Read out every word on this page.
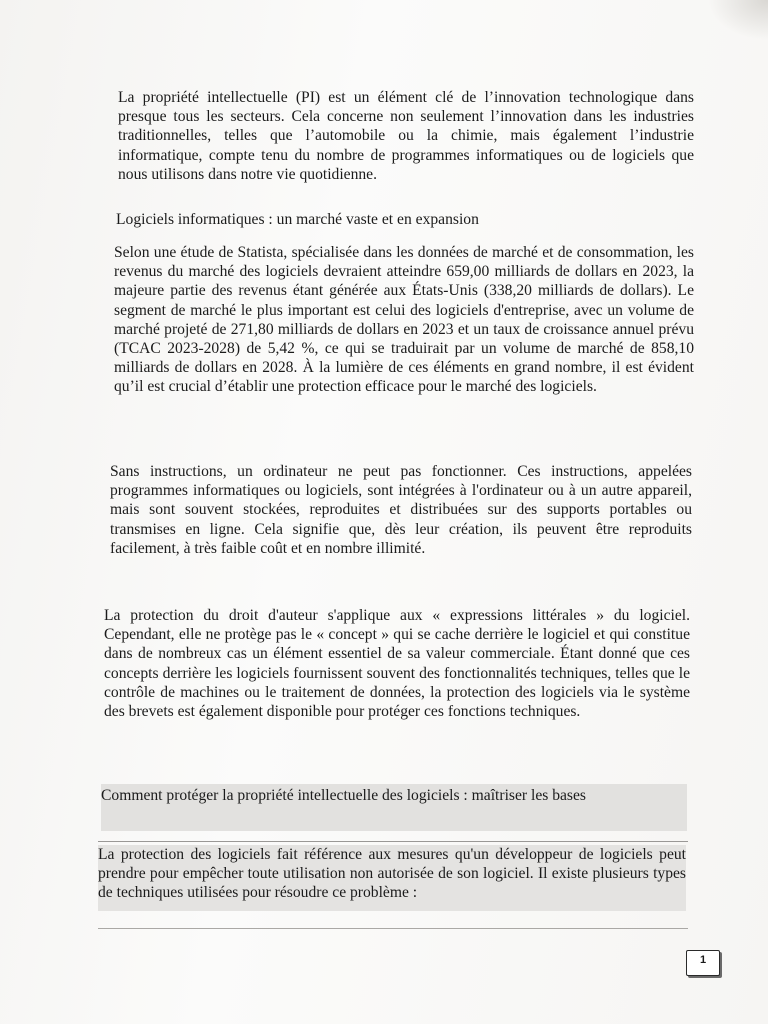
La propriété intellectuelle (PI) est un élément clé de l’innovation technologique dans presque tous les secteurs. Cela concerne non seulement l’innovation dans les industries traditionnelles, telles que l’automobile ou la chimie, mais également l’industrie informatique, compte tenu du nombre de programmes informatiques ou de logiciels que nous utilisons dans notre vie quotidienne.

Logiciels informatiques : un marché vaste et en expansion

Selon une étude de Statista, spécialisée dans les données de marché et de consommation, les revenus du marché des logiciels devraient atteindre 659,00 milliards de dollars en 2023, la majeure partie des revenus étant générée aux États-Unis (338,20 milliards de dollars). Le segment de marché le plus important est celui des logiciels d'entreprise, avec un volume de marché projeté de 271,80 milliards de dollars en 2023 et un taux de croissance annuel prévu (TCAC 2023-2028) de 5,42 %, ce qui se traduirait par un volume de marché de 858,10 milliards de dollars en 2028. À la lumière de ces éléments en grand nombre, il est évident qu’il est crucial d’établir une protection efficace pour le marché des logiciels.

Sans instructions, un ordinateur ne peut pas fonctionner. Ces instructions, appelées programmes informatiques ou logiciels, sont intégrées à l'ordinateur ou à un autre appareil, mais sont souvent stockées, reproduites et distribuées sur des supports portables ou transmises en ligne. Cela signifie que, dès leur création, ils peuvent être reproduits facilement, à très faible coût et en nombre illimité.

La protection du droit d'auteur s'applique aux « expressions littérales » du logiciel. Cependant, elle ne protège pas le « concept » qui se cache derrière le logiciel et qui constitue dans de nombreux cas un élément essentiel de sa valeur commerciale. Étant donné que ces concepts derrière les logiciels fournissent souvent des fonctionnalités techniques, telles que le contrôle de machines ou le traitement de données, la protection des logiciels via le système des brevets est également disponible pour protéger ces fonctions techniques.

Comment protéger la propriété intellectuelle des logiciels : maîtriser les bases

La protection des logiciels fait référence aux mesures qu'un développeur de logiciels peut prendre pour empêcher toute utilisation non autorisée de son logiciel. Il existe plusieurs types de techniques utilisées pour résoudre ce problème :

1
